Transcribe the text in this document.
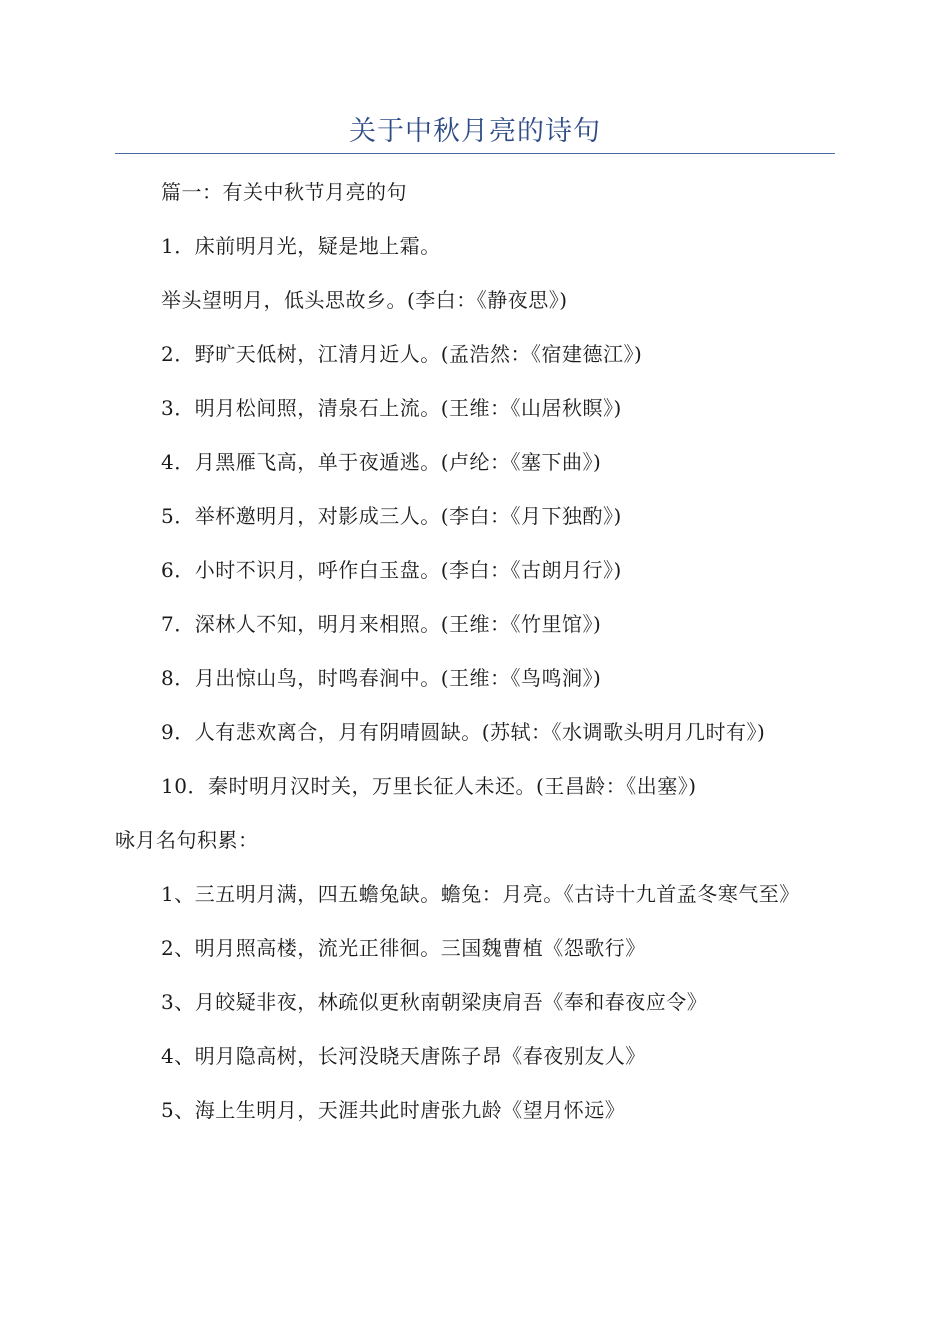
关于中秋月亮的诗句

篇一：有关中秋节月亮的句

1．床前明月光，疑是地上霜。

举头望明月，低头思故乡。(李白：《静夜思》)

2．野旷天低树，江清月近人。(孟浩然：《宿建德江》)

3．明月松间照，清泉石上流。(王维：《山居秋瞑》)

4．月黑雁飞高，单于夜遁逃。(卢纶：《塞下曲》)

5．举杯邀明月，对影成三人。(李白：《月下独酌》)

6．小时不识月，呼作白玉盘。(李白：《古朗月行》)

7．深林人不知，明月来相照。(王维：《竹里馆》)

8．月出惊山鸟，时鸣春涧中。(王维：《鸟鸣涧》)

9．人有悲欢离合，月有阴晴圆缺。(苏轼：《水调歌头明月几时有》)

10．秦时明月汉时关，万里长征人未还。(王昌龄：《出塞》)

咏月名句积累：

1、三五明月满，四五蟾兔缺。蟾兔：月亮。《古诗十九首孟冬寒气至》

2、明月照高楼，流光正徘徊。三国魏曹植《怨歌行》

3、月皎疑非夜，林疏似更秋南朝梁庚肩吾《奉和春夜应令》

4、明月隐高树，长河没晓天唐陈子昂《春夜别友人》

5、海上生明月，天涯共此时唐张九龄《望月怀远》
